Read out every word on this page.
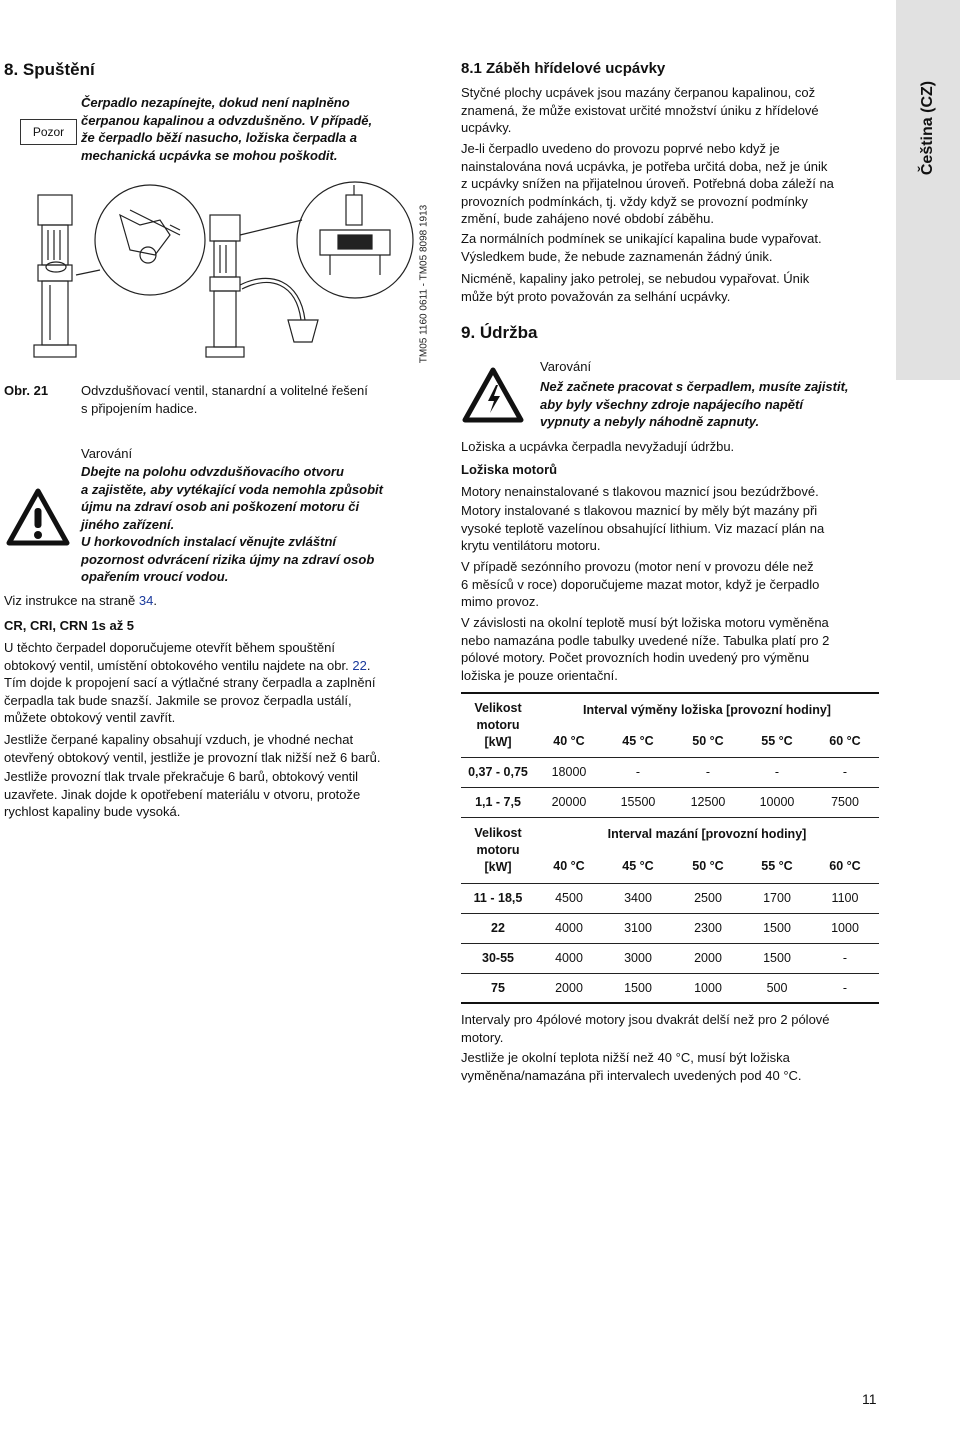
Čeština (CZ)
8. Spuštění
Pozor
Čerpadlo nezapínejte, dokud není naplněno
čerpanou kapalinou a odvzdušněno. V případě,
že čerpadlo běží nasucho, ložiska čerpadla a
mechanická ucpávka se mohou poškodit.
TM05 1160 0611 - TM05 8098 1913
Obr. 21	Odvzdušňovací ventil, stanardní a volitelné řešení
s připojením hadice.
Varování
Dbejte na polohu odvzdušňovacího otvoru
a zajistěte, aby vytékající voda nemohla způsobit
újmu na zdraví osob ani poškození motoru či
jiného zařízení.
U horkovodních instalací věnujte zvláštní
pozornost odvrácení rizika újmy na zdraví osob
opařením vroucí vodou.
Viz instrukce na straně 34.
CR, CRI, CRN 1s až 5
U těchto čerpadel doporučujeme otevřít během spouštění
obtokový ventil, umístění obtokového ventilu najdete na obr. 22.
Tím dojde k propojení sací a výtlačné strany čerpadla a zaplnění
čerpadla tak bude snazší. Jakmile se provoz čerpadla ustálí,
můžete obtokový ventil zavřít.
Jestliže čerpané kapaliny obsahují vzduch, je vhodné nechat
otevřený obtokový ventil, jestliže je provozní tlak nižší než 6 barů.
Jestliže provozní tlak trvale překračuje 6 barů, obtokový ventil
uzavřete. Jinak dojde k opotřebení materiálu v otvoru, protože
rychlost kapaliny bude vysoká.
8.1 Záběh hřídelové ucpávky
Styčné plochy ucpávek jsou mazány čerpanou kapalinou, což
znamená, že může existovat určité množství úniku z hřídelové
ucpávky.
Je-li čerpadlo uvedeno do provozu poprvé nebo když je
nainstalována nová ucpávka, je potřeba určitá doba, než je únik
z ucpávky snížen na přijatelnou úroveň. Potřebná doba záleží na
provozních podmínkách, tj. vždy když se provozní podmínky
změní, bude zahájeno nové období záběhu.
Za normálních podmínek se unikající kapalina bude vypařovat.
Výsledkem bude, že nebude zaznamenán žádný únik.
Nicméně, kapaliny jako petrolej, se nebudou vypařovat. Únik
může být proto považován za selhání ucpávky.
9. Údržba
Varování
Než začnete pracovat s čerpadlem, musíte zajistit,
aby byly všechny zdroje napájecího napětí
vypnuty a nebyly náhodně zapnuty.
Ložiska a ucpávka čerpadla nevyžadují údržbu.
Ložiska motorů
Motory nenainstalované s tlakovou maznicí jsou bezúdržbové.
Motory instalované s tlakovou maznicí by měly být mazány při
vysoké teplotě vazelínou obsahující lithium. Viz mazací plán na
krytu ventilátoru motoru.
V případě sezónního provozu (motor není v provozu déle než
6 měsíců v roce) doporučujeme mazat motor, když je čerpadlo
mimo provoz.
V závislosti na okolní teplotě musí být ložiska motoru vyměněna
nebo namazána podle tabulky uvedené níže. Tabulka platí pro 2
pólové motory. Počet provozních hodin uvedený pro výměnu
ložiska je pouze orientační.
Velikost
motoru
[kW]	Interval výměny ložiska [provozní hodiny]				
	40 °C	45 °C	50 °C	55 °C	60 °C
0,37 - 0,75	18000	-	-	-	-
1,1 - 7,5	20000	15500	12500	10000	7500
Velikost
motoru
[kW]	Interval mazání [provozní hodiny]				
	40 °C	45 °C	50 °C	55 °C	60 °C
11 - 18,5	4500	3400	2500	1700	1100
22	4000	3100	2300	1500	1000
30-55	4000	3000	2000	1500	-
75	2000	1500	1000	500	-
Intervaly pro 4pólové motory jsou dvakrát delší než pro 2 pólové
motory.
Jestliže je okolní teplota nižší než 40 °C, musí být ložiska
vyměněna/namazána při intervalech uvedených pod 40 °C.
11
